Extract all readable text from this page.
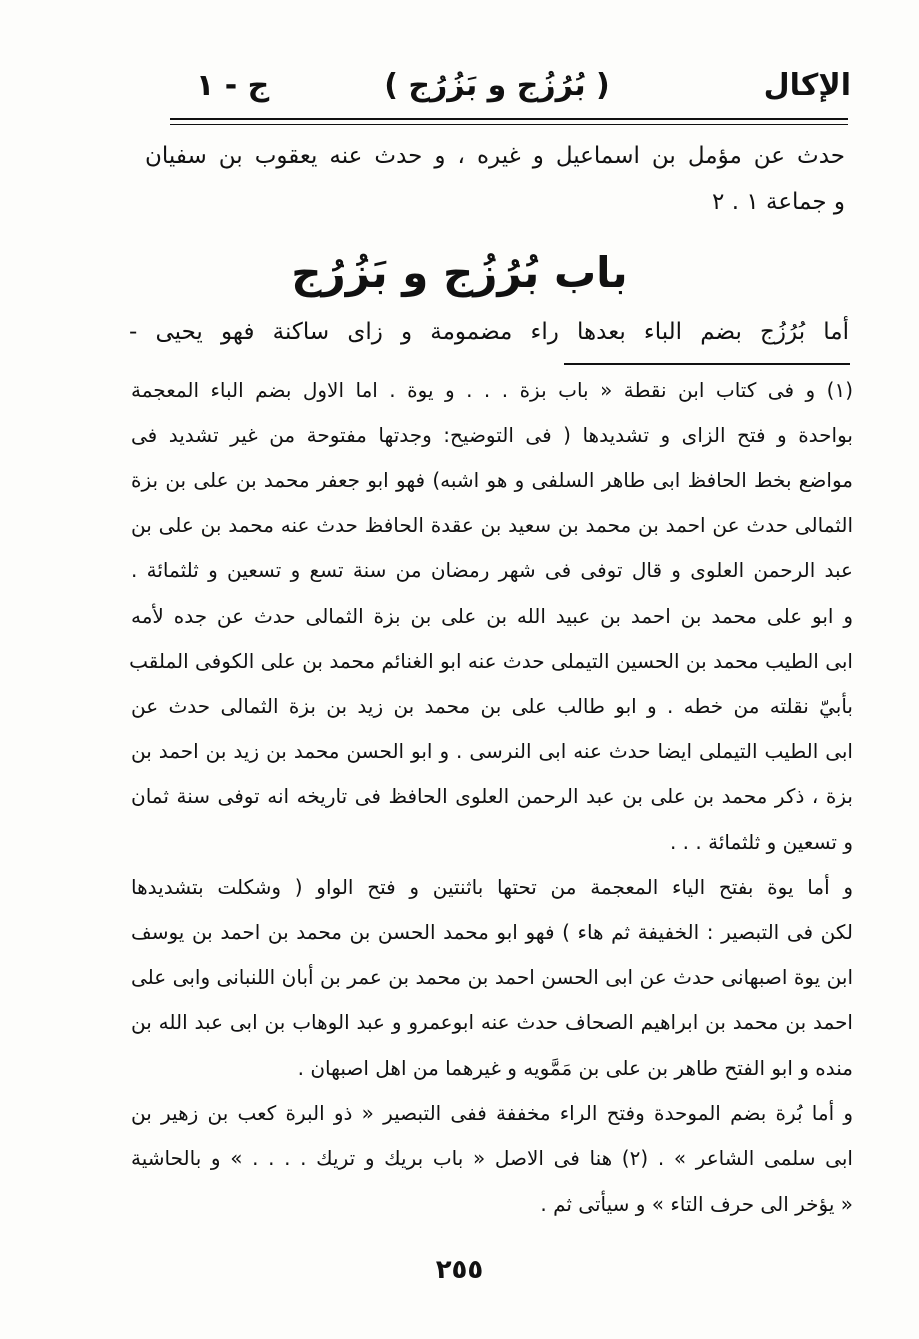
الإكال
( بُرُزُج و بَزُرُج )
ج - ١
حدث عن مؤمل بن اسماعيل و غيره ، و حدث عنه يعقوب بن سفيان
و جماعة ١ . ٢
باب بُرُزُج و بَزُرُج
أما بُرُزُج بضم الباء بعدها راء مضمومة و زاى ساكنة فهو يحيى -
(١) و فى كتاب ابن نقطة « باب بزة . . . و يوة . اما الاول بضم الباء المعجمة
بواحدة و فتح الزاى و تشديدها ( فى التوضيح: وجدتها مفتوحة من غير تشديد فى
مواضع بخط الحافظ ابى طاهر السلفى و هو اشبه) فهو ابو جعفر محمد بن على بن بزة
الثمالى حدث عن احمد بن محمد بن سعيد بن عقدة الحافظ حدث عنه محمد بن على بن
عبد الرحمن العلوى و قال توفى فى شهر رمضان من سنة تسع و تسعين و ثلثمائة .
و ابو على محمد بن احمد بن عبيد الله بن على بن بزة الثمالى حدث عن جده لأمه
ابى الطيب محمد بن الحسين التيملى حدث عنه ابو الغنائم محمد بن على الكوفى الملقب
بأبيّ نقلته من خطه . و ابو طالب على بن محمد بن زيد بن بزة الثمالى حدث عن
ابى الطيب التيملى ايضا حدث عنه ابى النرسى . و ابو الحسن محمد بن زيد بن احمد بن
بزة ، ذكر محمد بن على بن عبد الرحمن العلوى الحافظ فى تاريخه انه توفى سنة ثمان
و تسعين و ثلثمائة . . .
و أما يوة بفتح الياء المعجمة من تحتها باثنتين و فتح الواو ( وشكلت بتشديدها
لكن فى التبصير : الخفيفة ثم هاء ) فهو ابو محمد الحسن بن محمد بن احمد بن يوسف
ابن يوة اصبهانى حدث عن ابى الحسن احمد بن محمد بن عمر بن أبان اللنبانى وابى على
احمد بن محمد بن ابراهيم الصحاف حدث عنه ابوعمرو و عبد الوهاب بن ابى عبد الله بن
منده و ابو الفتح طاهر بن على بن مَمَّويه و غيرهما من اهل اصبهان .
و أما بُرة بضم الموحدة وفتح الراء مخففة ففى التبصير « ذو البرة كعب بن زهير بن
ابى سلمى الشاعر » . (٢) هنا فى الاصل « باب بريك و تريك . . . . » و بالحاشية
« يؤخر الى حرف التاء » و سيأتى ثم .
٢٥٥
